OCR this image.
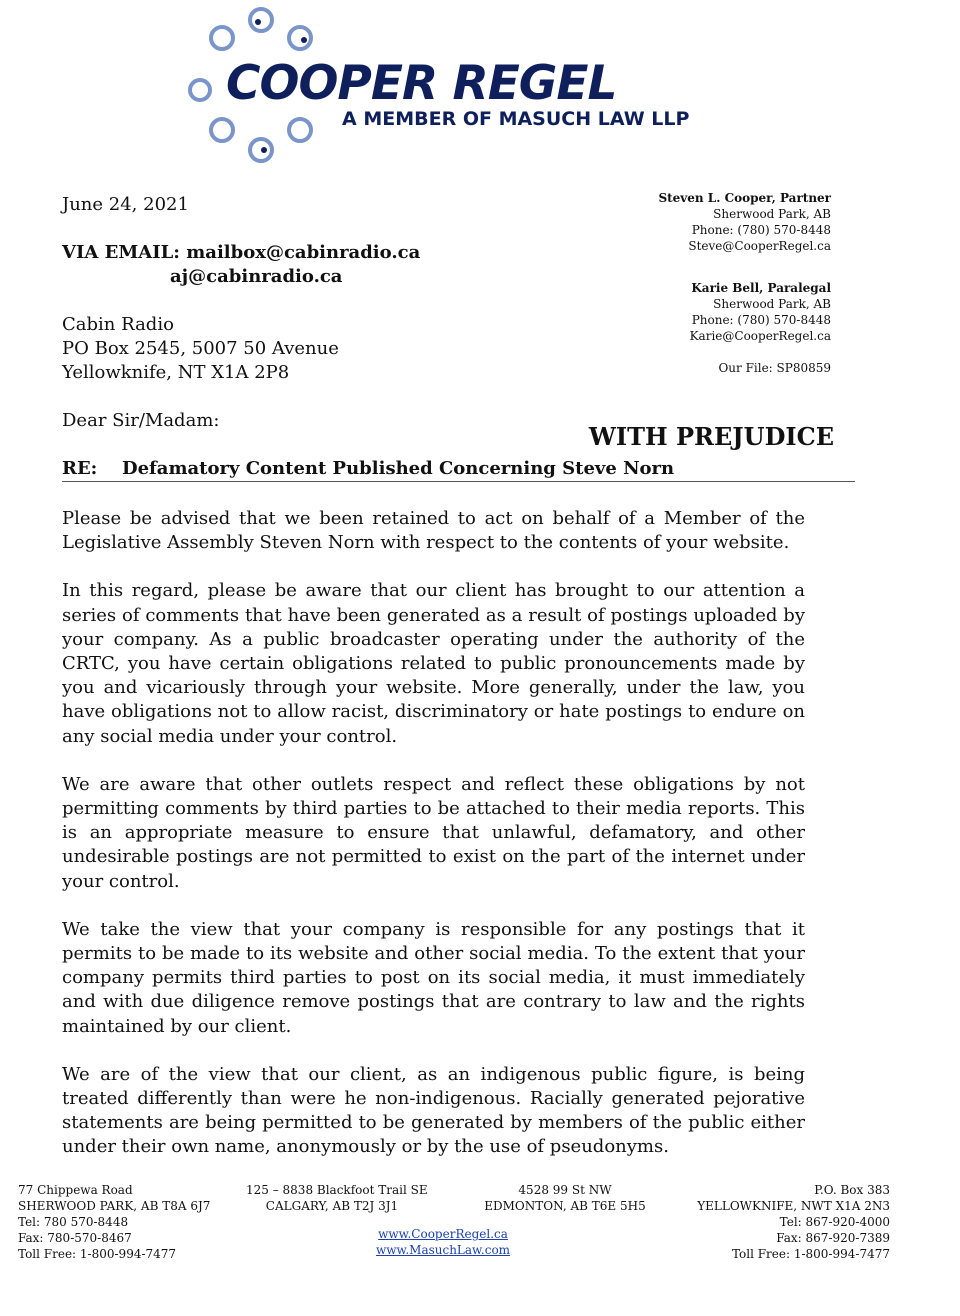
COOPER REGEL
A MEMBER OF MASUCH LAW LLP
June 24, 2021
VIA EMAIL: mailbox@cabinradio.ca
aj@cabinradio.ca
Cabin Radio
PO Box 2545, 5007 50 Avenue
Yellowknife, NT X1A 2P8
Dear Sir/Madam:
Steven L. Cooper, Partner
Sherwood Park, AB
Phone: (780) 570-8448
Steve@CooperRegel.ca
Karie Bell, Paralegal
Sherwood Park, AB
Phone: (780) 570-8448
Karie@CooperRegel.ca
Our File: SP80859
WITH PREJUDICE
RE: Defamatory Content Published Concerning Steve Norn

Please be advised that we been retained to act on behalf of a Member of the Legislative Assembly Steven Norn with respect to the contents of your website.

In this regard, please be aware that our client has brought to our attention a series of comments that have been generated as a result of postings uploaded by your company. As a public broadcaster operating under the authority of the CRTC, you have certain obligations related to public pronouncements made by you and vicariously through your website. More generally, under the law, you have obligations not to allow racist, discriminatory or hate postings to endure on any social media under your control.

We are aware that other outlets respect and reflect these obligations by not permitting comments by third parties to be attached to their media reports. This is an appropriate measure to ensure that unlawful, defamatory, and other undesirable postings are not permitted to exist on the part of the internet under your control.

We take the view that your company is responsible for any postings that it permits to be made to its website and other social media. To the extent that your company permits third parties to post on its social media, it must immediately and with due diligence remove postings that are contrary to law and the rights maintained by our client.

We are of the view that our client, as an indigenous public figure, is being treated differently than were he non-indigenous. Racially generated pejorative statements are being permitted to be generated by members of the public either under their own name, anonymously or by the use of pseudonyms.

77 Chippewa Road
SHERWOOD PARK, AB T8A 6J7
Tel: 780 570-8448
Fax: 780-570-8467
Toll Free: 1-800-994-7477
125 – 8838 Blackfoot Trail SE
CALGARY, AB T2J 3J1
4528 99 St NW
EDMONTON, AB T6E 5H5
P.O. Box 383
YELLOWKNIFE, NWT X1A 2N3
Tel: 867-920-4000
Fax: 867-920-7389
Toll Free: 1-800-994-7477
www.CooperRegel.ca
www.MasuchLaw.com
